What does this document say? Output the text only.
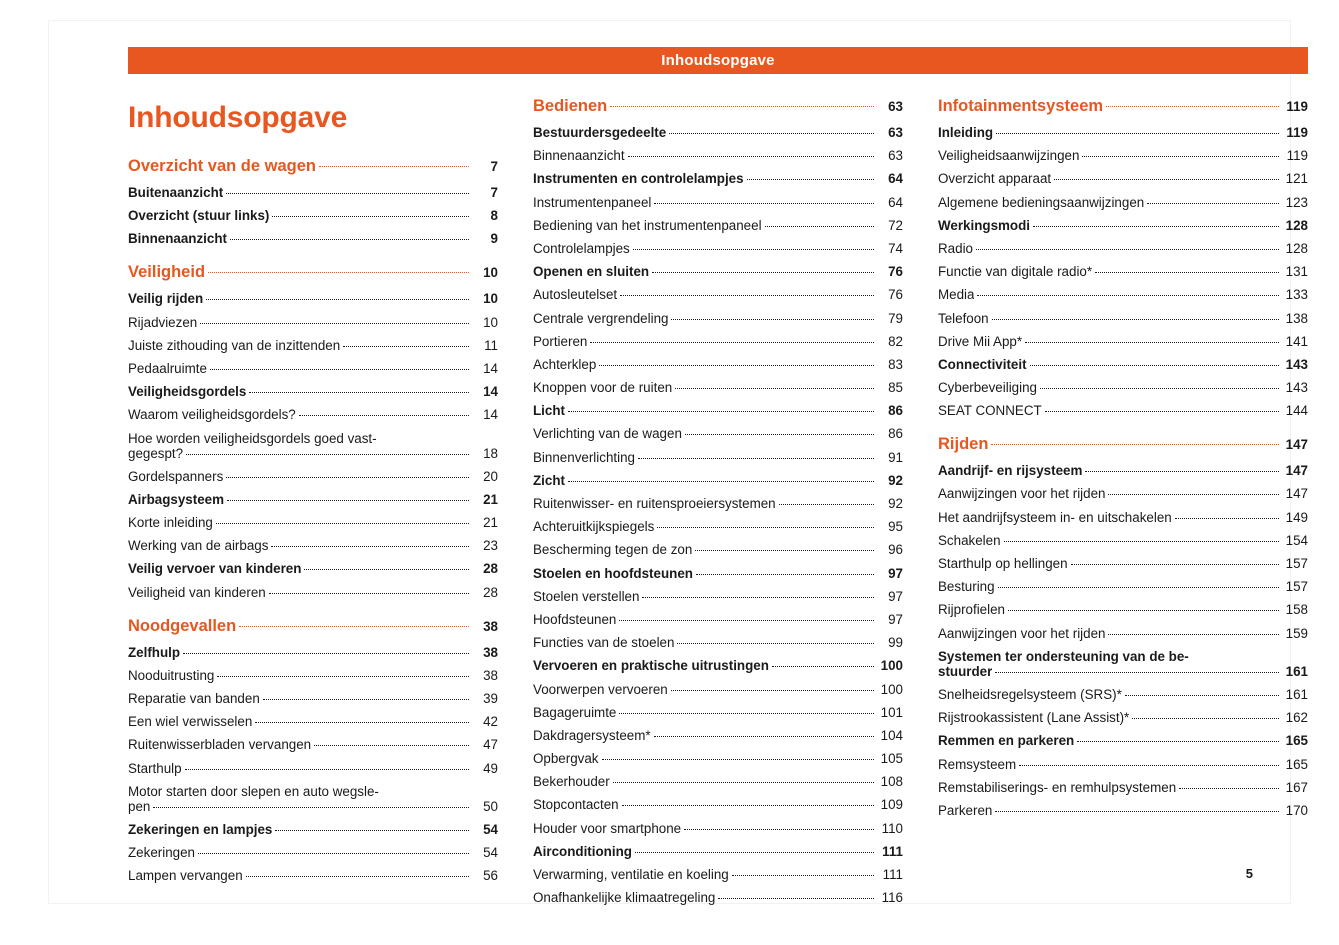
Inhoudsopgave
Inhoudsopgave
Overzicht van de wagen	7
Buitenaanzicht	7
Overzicht (stuur links)	8
Binnenaanzicht	9
Veiligheid	10
Veilig rijden	10
Rijadviezen	10
Juiste zithouding van de inzittenden	11
Pedaalruimte	14
Veiligheidsgordels	14
Waarom veiligheidsgordels?	14
Hoe worden veiligheidsgordels goed vast-
gegespt?	18
Gordelspanners	20
Airbagsysteem	21
Korte inleiding	21
Werking van de airbags	23
Veilig vervoer van kinderen	28
Veiligheid van kinderen	28
Noodgevallen	38
Zelfhulp	38
Nooduitrusting	38
Reparatie van banden	39
Een wiel verwisselen	42
Ruitenwisserbladen vervangen	47
Starthulp	49
Motor starten door slepen en auto wegsle-
pen	50
Zekeringen en lampjes	54
Zekeringen	54
Lampen vervangen	56
Bedienen	63
Bestuurdersgedeelte	63
Binnenaanzicht	63
Instrumenten en controlelampjes	64
Instrumentenpaneel	64
Bediening van het instrumentenpaneel	72
Controlelampjes	74
Openen en sluiten	76
Autosleutelset	76
Centrale vergrendeling	79
Portieren	82
Achterklep	83
Knoppen voor de ruiten	85
Licht	86
Verlichting van de wagen	86
Binnenverlichting	91
Zicht	92
Ruitenwisser- en ruitensproeiersystemen	92
Achteruitkijkspiegels	95
Bescherming tegen de zon	96
Stoelen en hoofdsteunen	97
Stoelen verstellen	97
Hoofdsteunen	97
Functies van de stoelen	99
Vervoeren en praktische uitrustingen	100
Voorwerpen vervoeren	100
Bagageruimte	101
Dakdragersysteem*	104
Opbergvak	105
Bekerhouder	108
Stopcontacten	109
Houder voor smartphone	110
Airconditioning	111
Verwarming, ventilatie en koeling	111
Onafhankelijke klimaatregeling	116
Infotainmentsysteem	119
Inleiding	119
Veiligheidsaanwijzingen	119
Overzicht apparaat	121
Algemene bedieningsaanwijzingen	123
Werkingsmodi	128
Radio	128
Functie van digitale radio*	131
Media	133
Telefoon	138
Drive Mii App*	141
Connectiviteit	143
Cyberbeveiliging	143
SEAT CONNECT	144
Rijden	147
Aandrijf- en rijsysteem	147
Aanwijzingen voor het rijden	147
Het aandrijfsysteem in- en uitschakelen	149
Schakelen	154
Starthulp op hellingen	157
Besturing	157
Rijprofielen	158
Aanwijzingen voor het rijden	159
Systemen ter ondersteuning van de be-
stuurder	161
Snelheidsregelsysteem (SRS)*	161
Rijstrookassistent (Lane Assist)*	162
Remmen en parkeren	165
Remsysteem	165
Remstabiliserings- en remhulpsystemen	167
Parkeren	170
5
